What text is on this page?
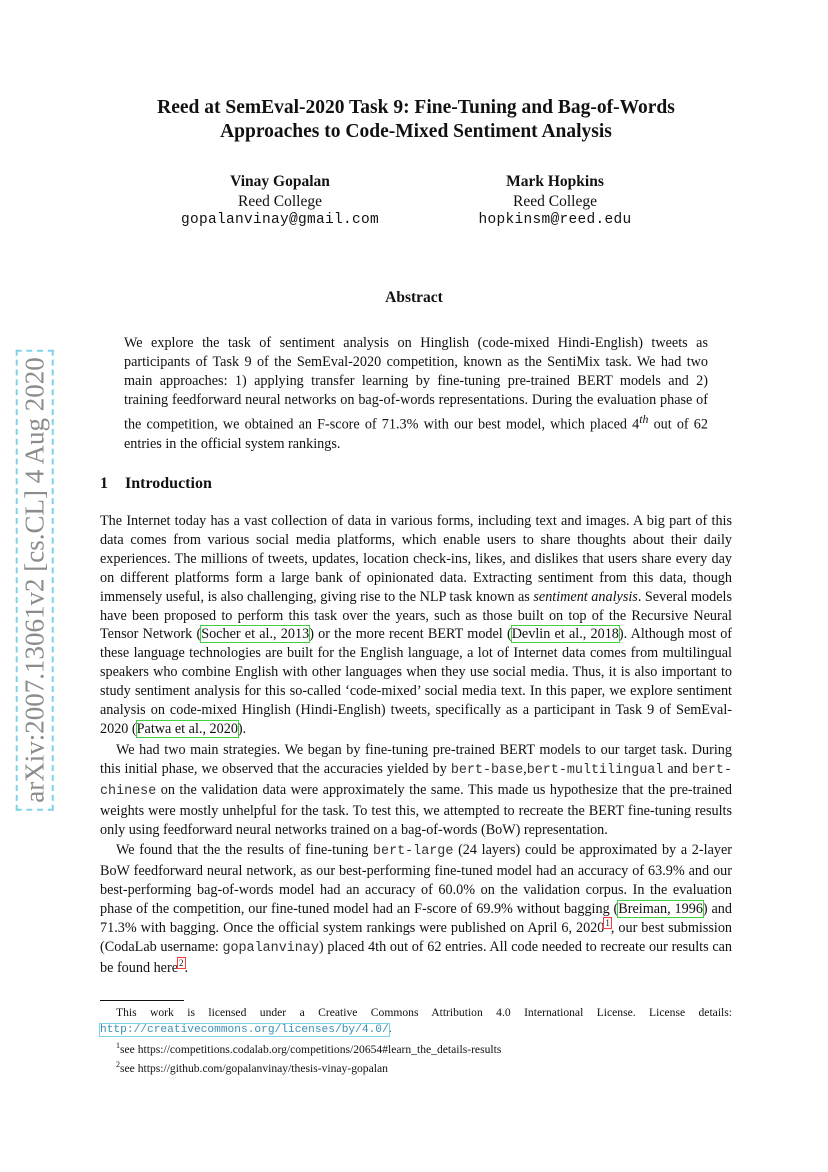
arXiv:2007.13061v2 [cs.CL] 4 Aug 2020
Reed at SemEval-2020 Task 9: Fine-Tuning and Bag-of-Words
Approaches to Code-Mixed Sentiment Analysis
Vinay Gopalan
Reed College
gopalanvinay@gmail.com
Mark Hopkins
Reed College
hopkinsm@reed.edu
Abstract
We explore the task of sentiment analysis on Hinglish (code-mixed Hindi-English) tweets as participants of Task 9 of the SemEval-2020 competition, known as the SentiMix task. We had two main approaches: 1) applying transfer learning by fine-tuning pre-trained BERT models and 2) training feedforward neural networks on bag-of-words representations. During the evaluation phase of the competition, we obtained an F-score of 71.3% with our best model, which placed 4th out of 62 entries in the official system rankings.
1 Introduction

The Internet today has a vast collection of data in various forms, including text and images. A big part of this data comes from various social media platforms, which enable users to share thoughts about their daily experiences. The millions of tweets, updates, location check-ins, likes, and dislikes that users share every day on different platforms form a large bank of opinionated data. Extracting sentiment from this data, though immensely useful, is also challenging, giving rise to the NLP task known as sentiment analysis. Several models have been proposed to perform this task over the years, such as those built on top of the Recursive Neural Tensor Network (Socher et al., 2013) or the more recent BERT model (Devlin et al., 2018). Although most of these language technologies are built for the English language, a lot of Internet data comes from multilingual speakers who combine English with other languages when they use social media. Thus, it is also important to study sentiment analysis for this so-called ‘code-mixed’ social media text. In this paper, we explore sentiment analysis on code-mixed Hinglish (Hindi-English) tweets, specifically as a participant in Task 9 of SemEval-2020 (Patwa et al., 2020).

We had two main strategies. We began by fine-tuning pre-trained BERT models to our target task. During this initial phase, we observed that the accuracies yielded by bert-base,bert-multilingual and bert-chinese on the validation data were approximately the same. This made us hypothesize that the pre-trained weights were mostly unhelpful for the task. To test this, we attempted to recreate the BERT fine-tuning results only using feedforward neural networks trained on a bag-of-words (BoW) representation.

We found that the the results of fine-tuning bert-large (24 layers) could be approximated by a 2-layer BoW feedforward neural network, as our best-performing fine-tuned model had an accuracy of 63.9% and our best-performing bag-of-words model had an accuracy of 60.0% on the validation corpus. In the evaluation phase of the competition, our fine-tuned model had an F-score of 69.9% without bagging (Breiman, 1996) and 71.3% with bagging. Once the official system rankings were published on April 6, 2020$^1$, our best submission (CodaLab username: gopalanvinay) placed 4th out of 62 entries. All code needed to recreate our results can be found here$^2$.

This work is licensed under a Creative Commons Attribution 4.0 International License. License details: http://creativecommons.org/licenses/by/4.0/.
$^1$see https://competitions.codalab.org/competitions/20654#learn_the_details-results
$^2$see https://github.com/gopalanvinay/thesis-vinay-gopalan
